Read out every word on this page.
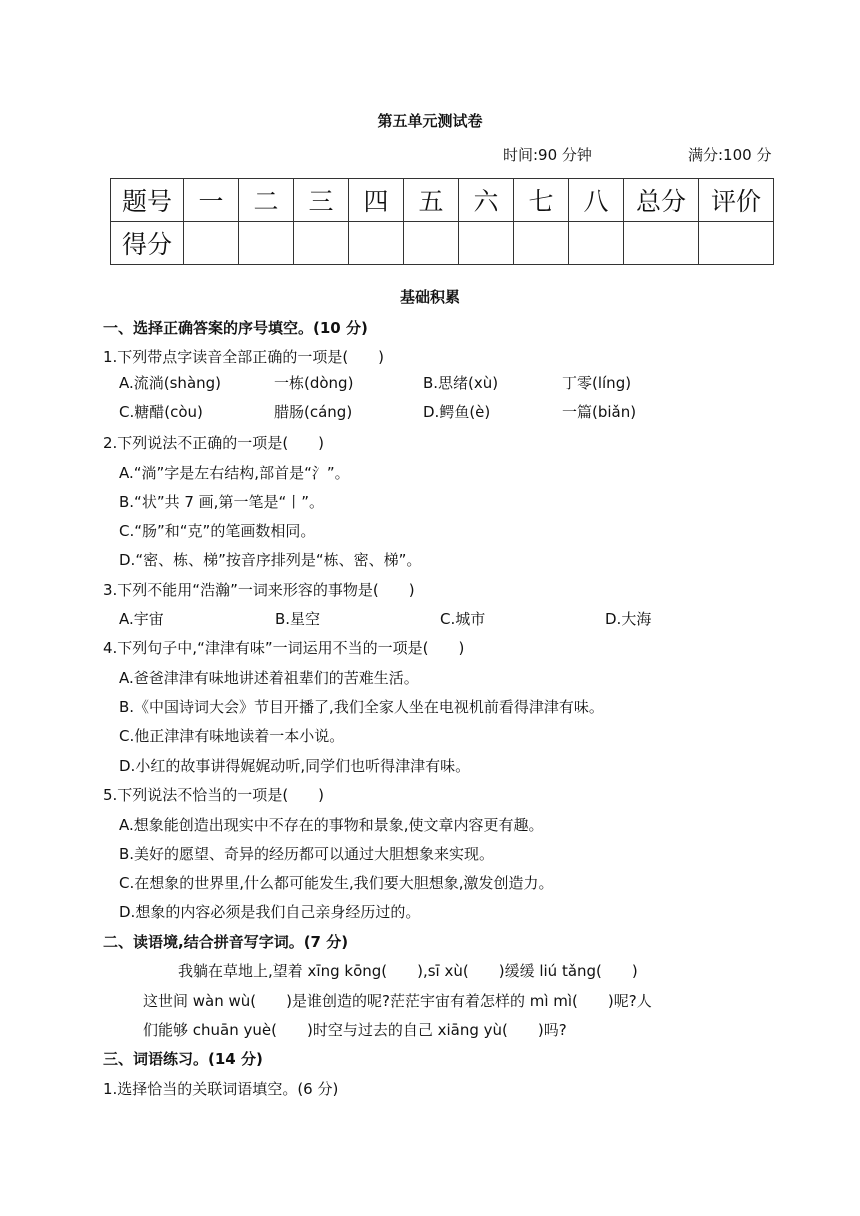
第五单元测试卷
时间:90 分钟	满分:100 分
题号	一	二	三	四	五	六	七	八	总分	评价
得分										
基础积累
一、选择正确答案的序号填空。(10 分)
1.下列带点字读音全部正确的一项是(　　)
A.流淌(shàng)	一栋(dòng)	B.思绪(xù)	丁零(líng)
C.糖醋(còu)	腊肠(cáng)	D.鳄鱼(è)	一篇(biǎn)
2.下列说法不正确的一项是(　　)
A.“淌”字是左右结构,部首是“氵”。
B.“状”共 7 画,第一笔是“丨”。
C.“肠”和“克”的笔画数相同。
D.“密、栋、梯”按音序排列是“栋、密、梯”。
3.下列不能用“浩瀚”一词来形容的事物是(　　)
A.宇宙	B.星空	C.城市	D.大海
4.下列句子中,“津津有味”一词运用不当的一项是(　　)
A.爸爸津津有味地讲述着祖辈们的苦难生活。
B.《中国诗词大会》节目开播了,我们全家人坐在电视机前看得津津有味。
C.他正津津有味地读着一本小说。
D.小红的故事讲得娓娓动听,同学们也听得津津有味。
5.下列说法不恰当的一项是(　　)
A.想象能创造出现实中不存在的事物和景象,使文章内容更有趣。
B.美好的愿望、奇异的经历都可以通过大胆想象来实现。
C.在想象的世界里,什么都可能发生,我们要大胆想象,激发创造力。
D.想象的内容必须是我们自己亲身经历过的。
二、读语境,结合拼音写字词。(7 分)
我躺在草地上,望着 xīng kōng(　　),sī xù(　　)缓缓 liú tǎng(　　)
这世间 wàn wù(　　)是谁创造的呢?茫茫宇宙有着怎样的 mì mì(　　)呢?人
们能够 chuān yuè(　　)时空与过去的自己 xiāng yù(　　)吗?
三、词语练习。(14 分)
1.选择恰当的关联词语填空。(6 分)
